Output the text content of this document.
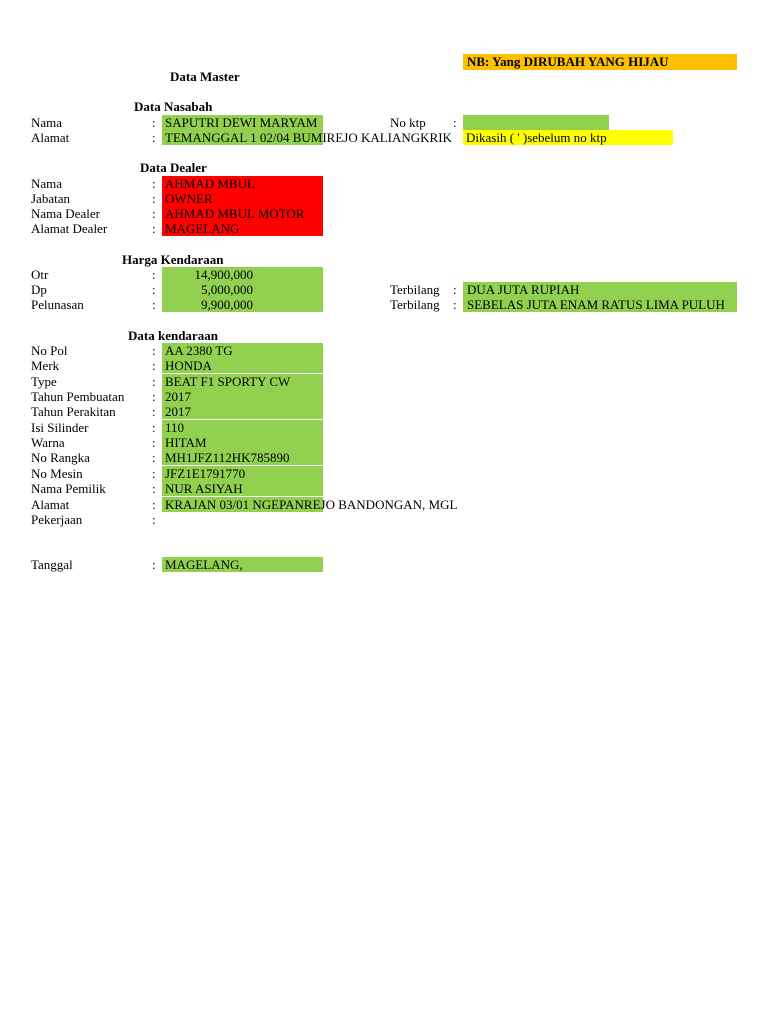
NB: Yang DIRUBAH YANG HIJAU
Data Master
Data Nasabah
Nama	: SAPUTRI DEWI MARYAM	No ktp :
Alamat	: TEMANGGAL 1 02/04 BUMIREJO KALIANGKRIK	Dikasih ( ' )sebelum no ktp
Data Dealer
Nama	: AHMAD MBUL
Jabatan	: OWNER
Nama Dealer	: AHMAD MBUL MOTOR
Alamat Dealer	: MAGELANG
Harga Kendaraan
Otr	:	14,900,000
Dp	:	5,000,000	Terbilang : DUA JUTA RUPIAH
Pelunasan	:	9,900,000	Terbilang : SEBELAS JUTA ENAM RATUS LIMA PULUH
Data kendaraan
No Pol	: AA 2380 TG
Merk	: HONDA
Type	: BEAT F1 SPORTY CW
Tahun Pembuatan : 2017
Tahun Perakitan	: 2017
Isi Silinder	: 110
Warna	: HITAM
No Rangka	: MH1JFZ112HK785890
No Mesin	: JFZ1E1791770
Nama Pemilik	: NUR ASIYAH
Alamat	: KRAJAN 03/01 NGEPANREJO BANDONGAN, MGL
Pekerjaan	:
Tanggal	: MAGELANG,
